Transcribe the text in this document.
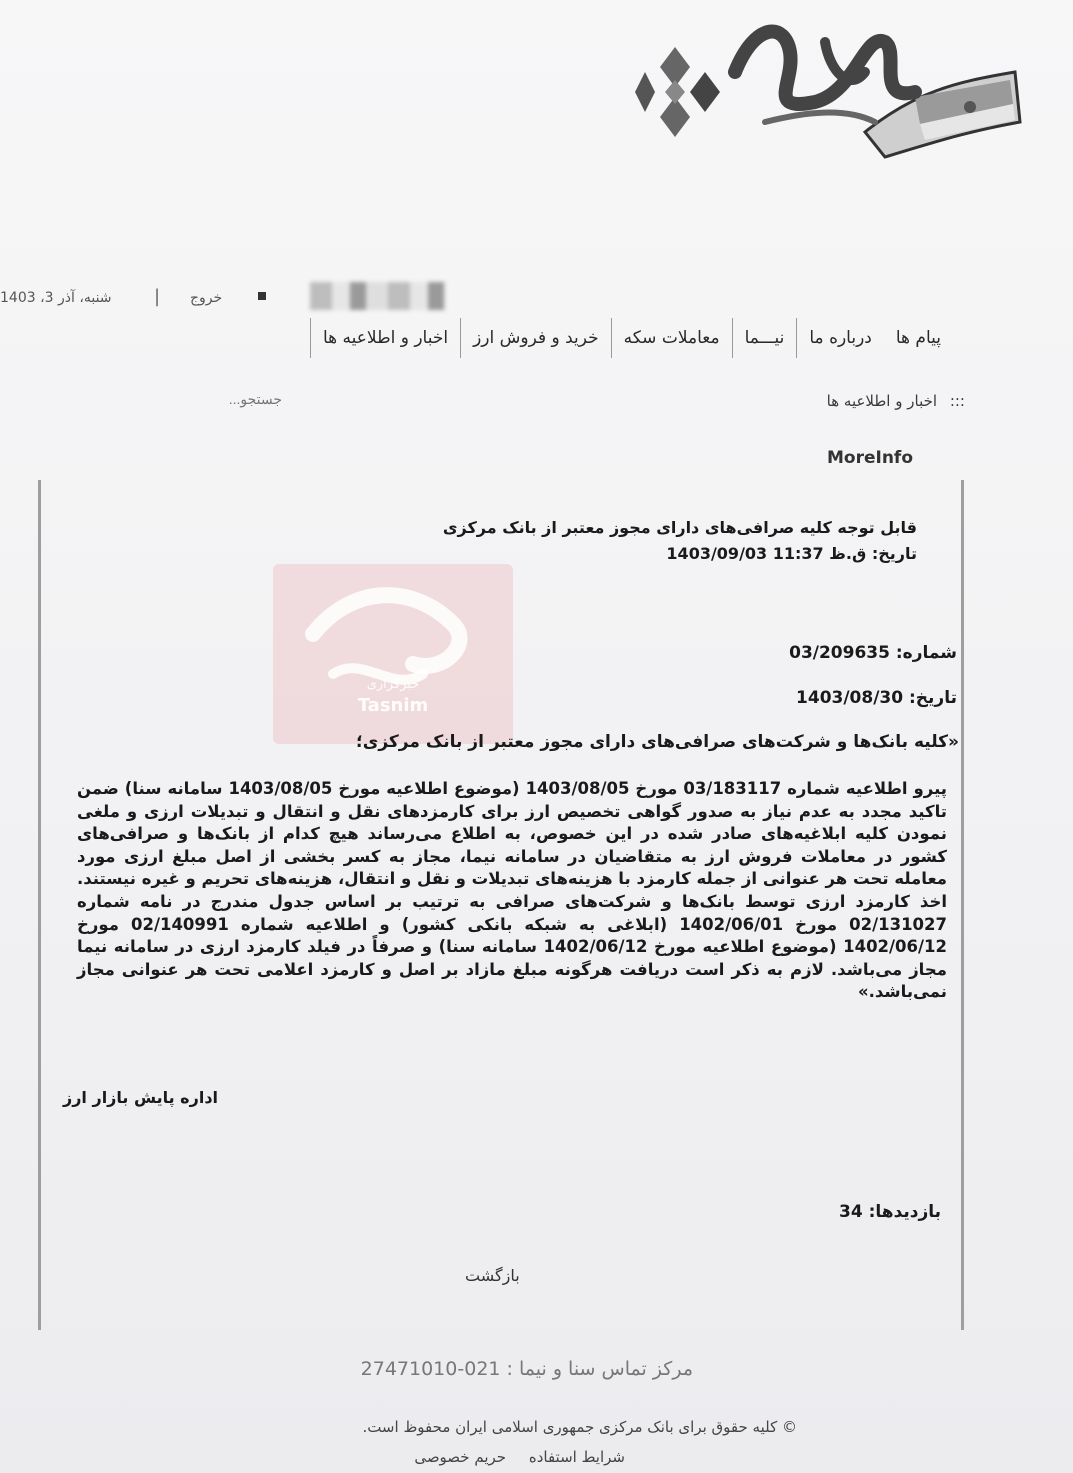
شنبه، آذر 3، 1403 | خروج
اخبار و اطلاعیه ها	خرید و فروش ارز	معاملات سکه	نیـــما	درباره ما	پیام ها
::: اخبار و اطلاعیه ها
جستجو...
MoreInfo
قابل توجه کلیه صرافی‌های دارای مجوز معتبر از بانک مرکزی
تاریخ: ق.ظ 11:37 1403/09/03
خبرگزاری
Tasnim
شماره: 03/209635
تاریخ: 1403/08/30
«کلیه بانک‌ها و شرکت‌های صرافی‌های دارای مجوز معتبر از بانک مرکزی؛
پیرو اطلاعیه شماره 03/183117 مورخ 1403/08/05 (موضوع اطلاعیه مورخ 1403/08/05 سامانه سنا) ضمن تاکید مجدد به عدم نیاز به صدور گواهی تخصیص ارز برای کارمزدهای نقل و انتقال و تبدیلات ارزی و ملغی نمودن کلیه ابلاغیه‌های صادر شده در این خصوص، به اطلاع می‌رساند هیچ کدام از بانک‌ها و صرافی‌های کشور در معاملات فروش ارز به متقاضیان در سامانه نیما، مجاز به کسر بخشی از اصل مبلغ ارزی مورد معامله تحت هر عنوانی از جمله کارمزد با هزینه‌های تبدیلات و نقل و انتقال، هزینه‌های تحریم و غیره نیستند. اخذ کارمزد ارزی توسط بانک‌ها و شرکت‌های صرافی به ترتیب بر اساس جدول مندرج در نامه شماره 02/131027 مورخ 1402/06/01 (ابلاغی به شبکه بانکی کشور) و اطلاعیه شماره 02/140991 مورخ 1402/06/12 (موضوع اطلاعیه مورخ 1402/06/12 سامانه سنا) و صرفاً در فیلد کارمزد ارزی در سامانه نیما مجاز می‌باشد. لازم به ذکر است دریافت هرگونه مبلغ مازاد بر اصل و کارمزد اعلامی تحت هر عنوانی مجاز نمی‌باشد.»
اداره پایش بازار ارز
بازدیدها: 34
بازگشت
مرکز تماس سنا و نیما : 021-27471010
© کلیه حقوق برای بانک مرکزی جمهوری اسلامی ایران محفوظ است.
شرایط استفاده حریم خصوصی
